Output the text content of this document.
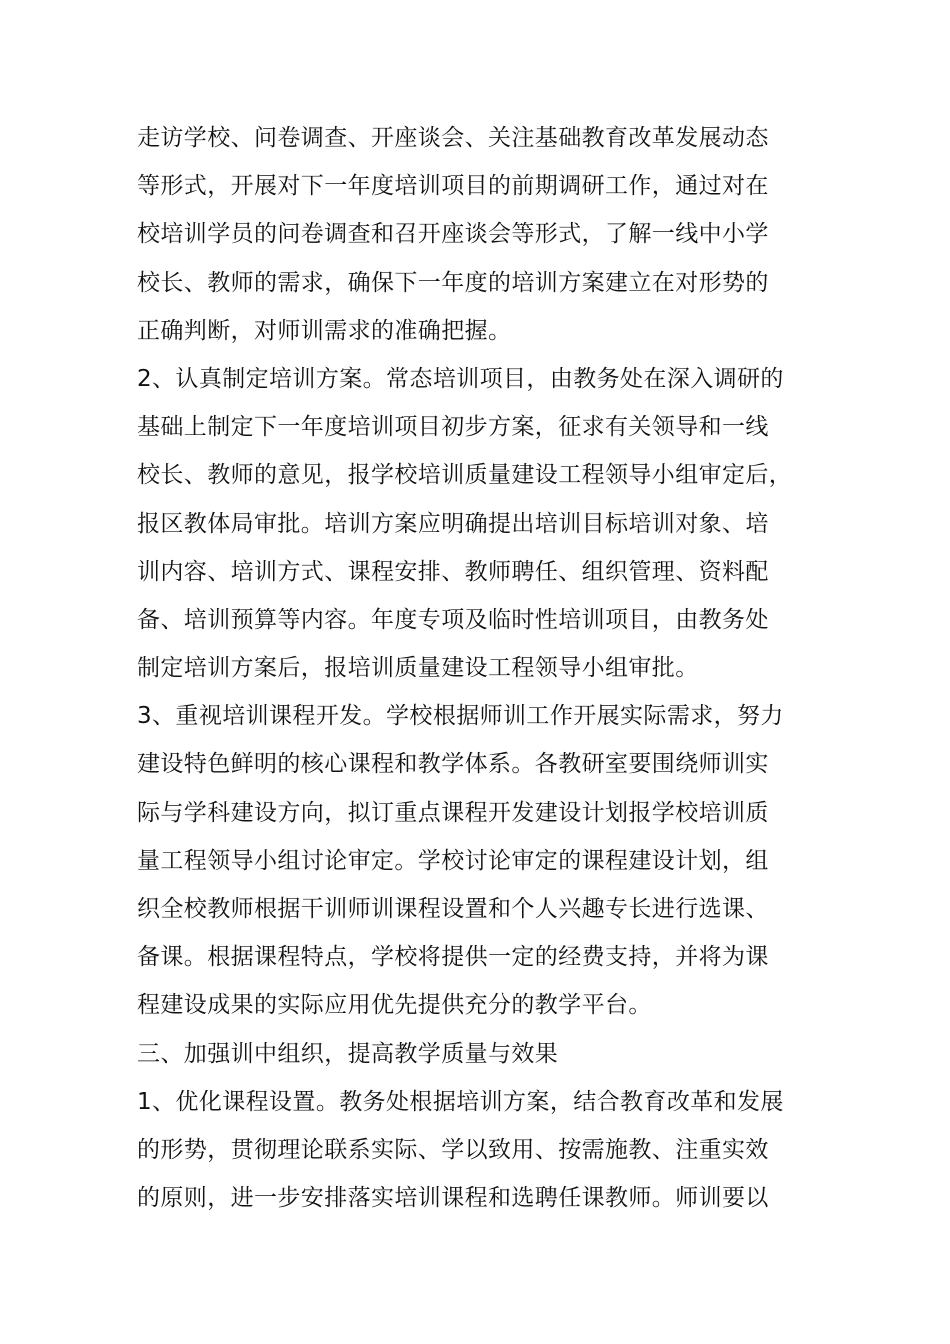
走访学校、问卷调查、开座谈会、关注基础教育改革发展动态
等形式，开展对下一年度培训项目的前期调研工作，通过对在
校培训学员的问卷调查和召开座谈会等形式，了解一线中小学
校长、教师的需求，确保下一年度的培训方案建立在对形势的
正确判断，对师训需求的准确把握。
2、认真制定培训方案。常态培训项目，由教务处在深入调研的
基础上制定下一年度培训项目初步方案，征求有关领导和一线
校长、教师的意见，报学校培训质量建设工程领导小组审定后，
报区教体局审批。培训方案应明确提出培训目标培训对象、培
训内容、培训方式、课程安排、教师聘任、组织管理、资料配
备、培训预算等内容。年度专项及临时性培训项目，由教务处
制定培训方案后，报培训质量建设工程领导小组审批。
3、重视培训课程开发。学校根据师训工作开展实际需求，努力
建设特色鲜明的核心课程和教学体系。各教研室要围绕师训实
际与学科建设方向，拟订重点课程开发建设计划报学校培训质
量工程领导小组讨论审定。学校讨论审定的课程建设计划，组
织全校教师根据干训师训课程设置和个人兴趣专长进行选课、
备课。根据课程特点，学校将提供一定的经费支持，并将为课
程建设成果的实际应用优先提供充分的教学平台。
三、加强训中组织，提高教学质量与效果
1、优化课程设置。教务处根据培训方案，结合教育改革和发展
的形势，贯彻理论联系实际、学以致用、按需施教、注重实效
的原则，进一步安排落实培训课程和选聘任课教师。师训要以
